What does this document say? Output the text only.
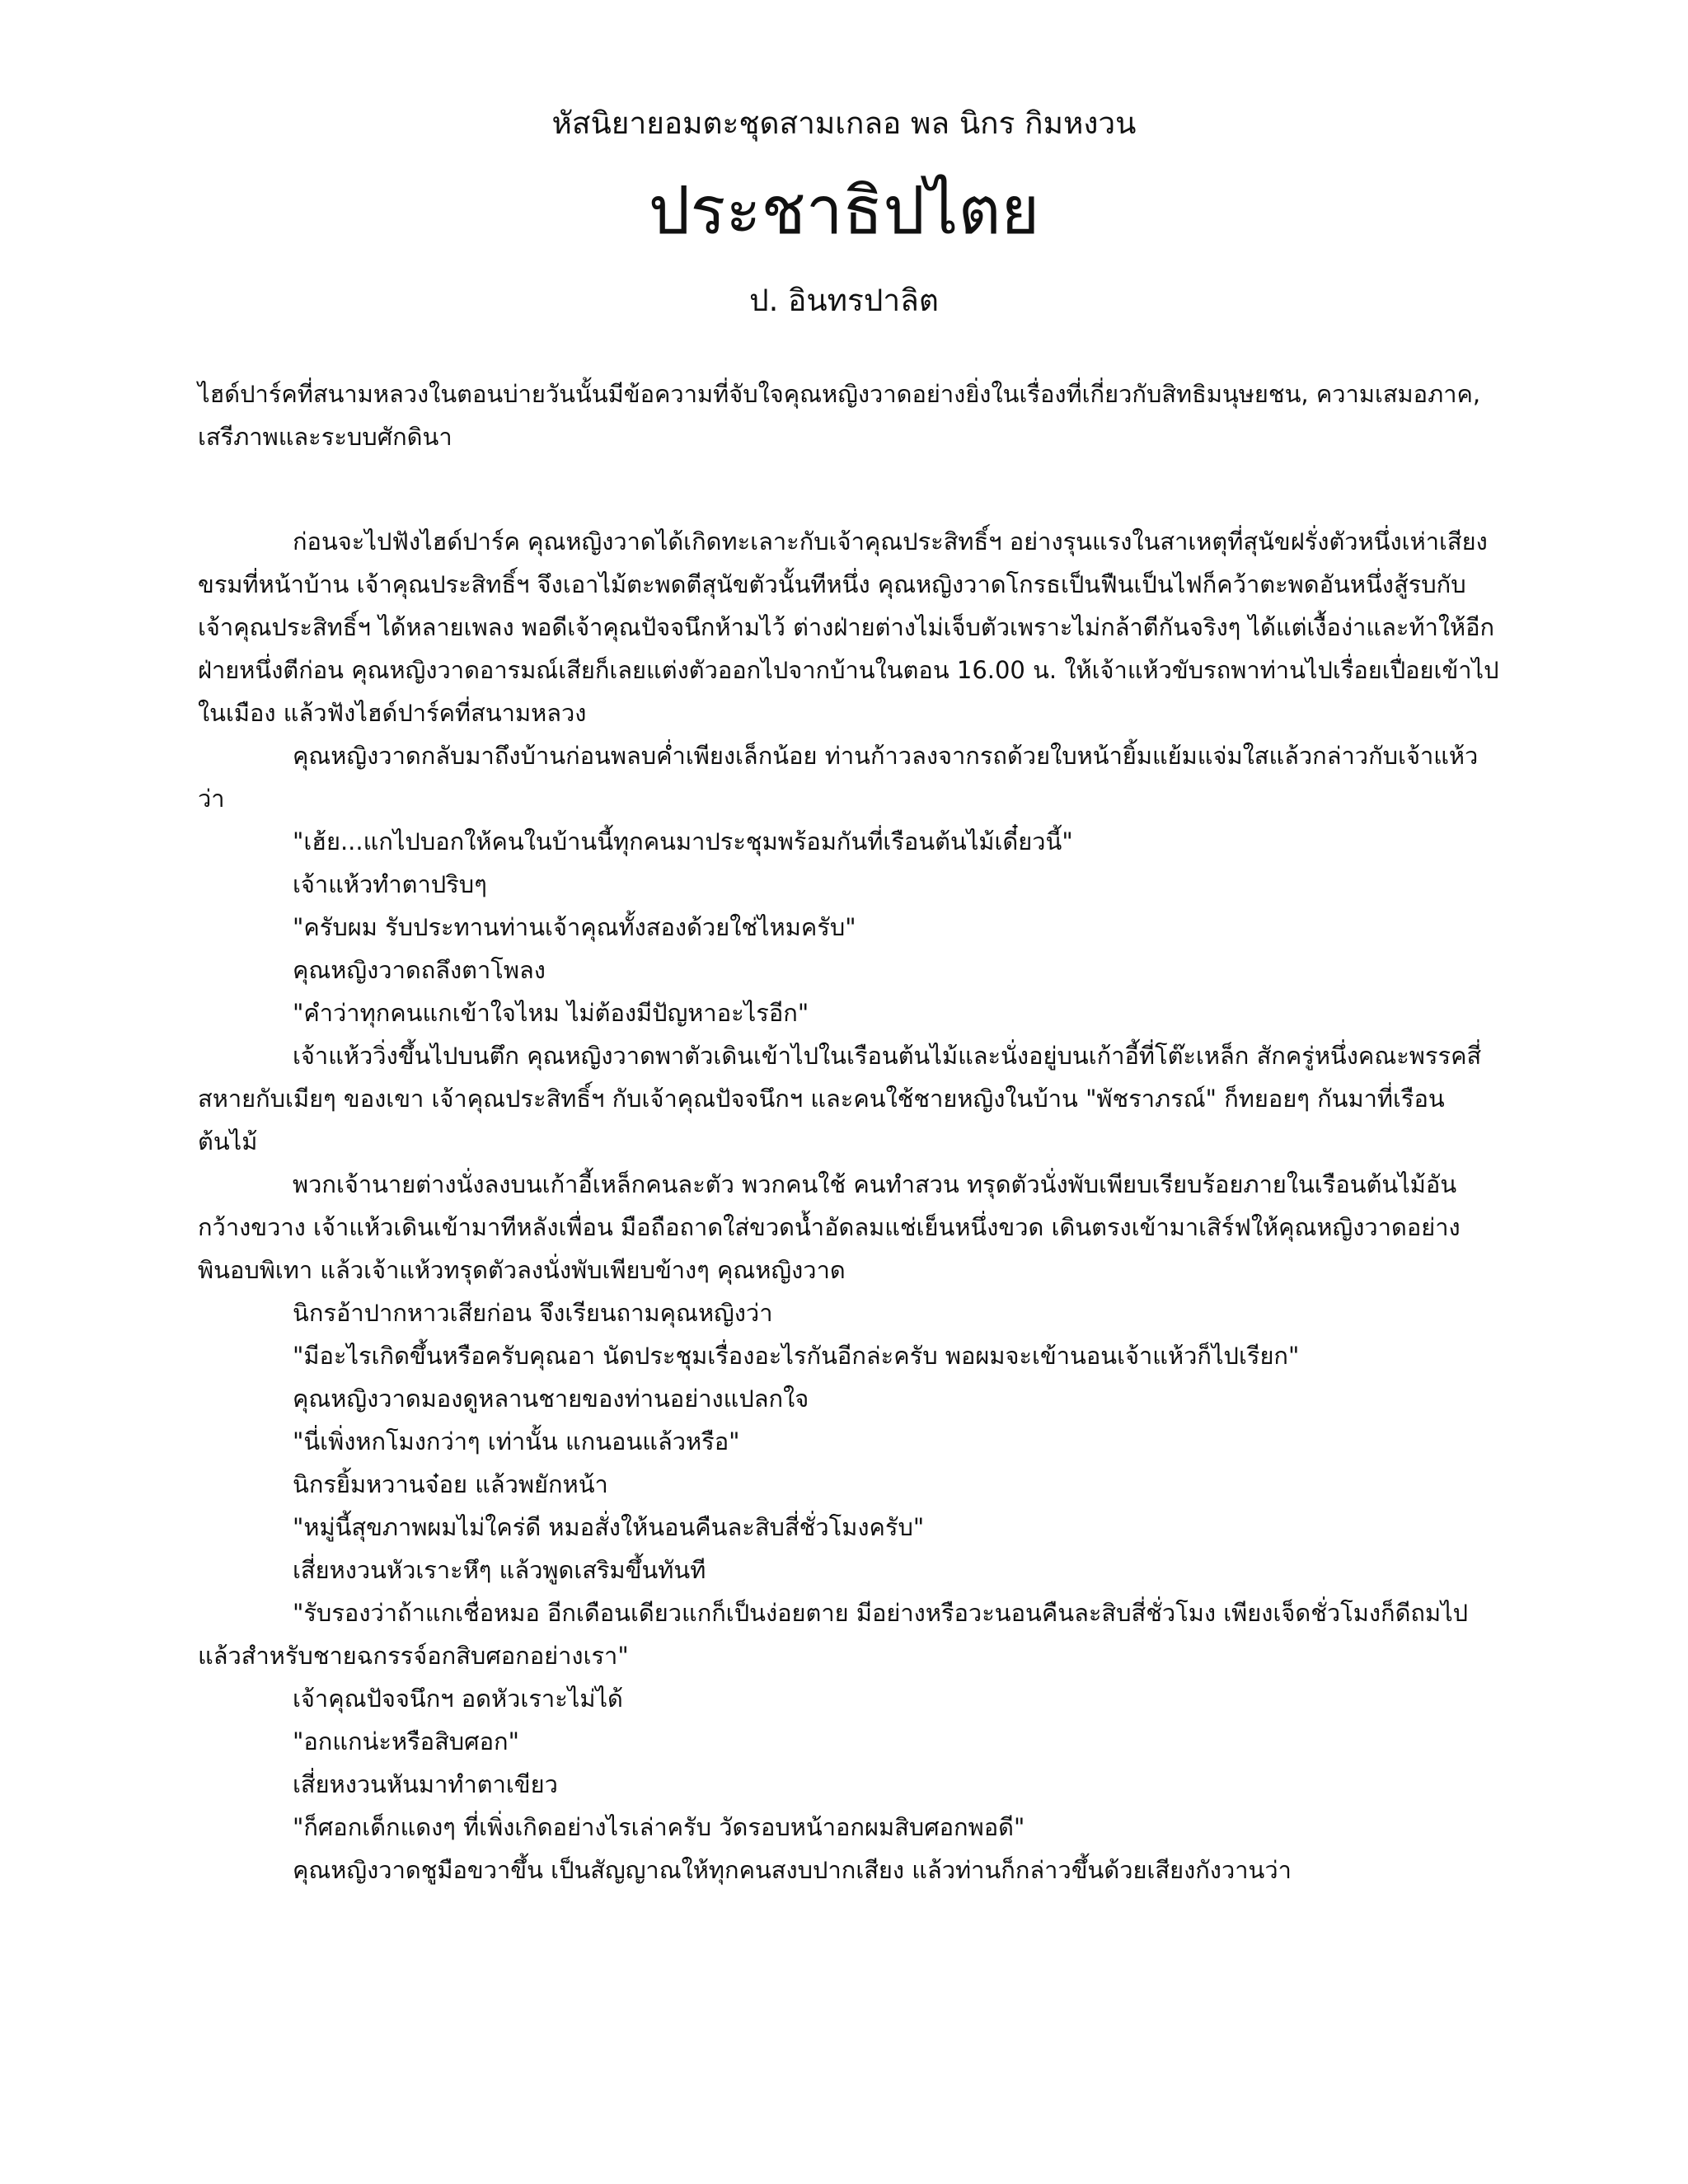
หัสนิยายอมตะชุดสามเกลอ พล นิกร กิมหงวน
ประชาธิปไตย
ป. อินทรปาลิต
ไฮด์ปาร์คที่สนามหลวงในตอนบ่ายวันนั้นมีข้อความที่จับใจคุณหญิงวาดอย่างยิ่งในเรื่องที่เกี่ยวกับสิทธิมนุษยชน, ความเสมอภาค, เสรีภาพและระบบศักดินา

ก่อนจะไปฟังไฮด์ปาร์ค คุณหญิงวาดได้เกิดทะเลาะกับเจ้าคุณประสิทธิ์ฯ อย่างรุนแรงในสาเหตุที่สุนัขฝรั่งตัวหนึ่งเห่าเสียงขรมที่หน้าบ้าน เจ้าคุณประสิทธิ์ฯ จึงเอาไม้ตะพดตีสุนัขตัวนั้นทีหนึ่ง คุณหญิงวาดโกรธเป็นฟืนเป็นไฟก็คว้าตะพดอันหนึ่งสู้รบกับเจ้าคุณประสิทธิ์ฯ ได้หลายเพลง พอดีเจ้าคุณปัจจนึกห้ามไว้ ต่างฝ่ายต่างไม่เจ็บตัวเพราะไม่กล้าตีกันจริงๆ ได้แต่เงื้อง่าและท้าให้อีกฝ่ายหนึ่งตีก่อน คุณหญิงวาดอารมณ์เสียก็เลยแต่งตัวออกไปจากบ้านในตอน 16.00 น. ให้เจ้าแห้วขับรถพาท่านไปเรื่อยเปื่อยเข้าไปในเมือง แล้วฟังไฮด์ปาร์คที่สนามหลวง

คุณหญิงวาดกลับมาถึงบ้านก่อนพลบค่ำเพียงเล็กน้อย ท่านก้าวลงจากรถด้วยใบหน้ายิ้มแย้มแจ่มใสแล้วกล่าวกับเจ้าแห้วว่า

"เฮ้ย...แกไปบอกให้คนในบ้านนี้ทุกคนมาประชุมพร้อมกันที่เรือนต้นไม้เดี๋ยวนี้"

เจ้าแห้วทำตาปริบๆ

"ครับผม รับประทานท่านเจ้าคุณทั้งสองด้วยใช่ไหมครับ"

คุณหญิงวาดถลึงตาโพลง

"คำว่าทุกคนแกเข้าใจไหม ไม่ต้องมีปัญหาอะไรอีก"

เจ้าแห้ววิ่งขึ้นไปบนตึก คุณหญิงวาดพาตัวเดินเข้าไปในเรือนต้นไม้และนั่งอยู่บนเก้าอี้ที่โต๊ะเหล็ก สักครู่หนึ่งคณะพรรคสี่สหายกับเมียๆ ของเขา เจ้าคุณประสิทธิ์ฯ กับเจ้าคุณปัจจนึกฯ และคนใช้ชายหญิงในบ้าน "พัชราภรณ์" ก็ทยอยๆ กันมาที่เรือนต้นไม้

พวกเจ้านายต่างนั่งลงบนเก้าอี้เหล็กคนละตัว พวกคนใช้ คนทำสวน ทรุดตัวนั่งพับเพียบเรียบร้อยภายในเรือนต้นไม้อันกว้างขวาง เจ้าแห้วเดินเข้ามาทีหลังเพื่อน มือถือถาดใส่ขวดน้ำอัดลมแช่เย็นหนึ่งขวด เดินตรงเข้ามาเสิร์ฟให้คุณหญิงวาดอย่างพินอบพิเทา แล้วเจ้าแห้วทรุดตัวลงนั่งพับเพียบข้างๆ คุณหญิงวาด

นิกรอ้าปากหาวเสียก่อน จึงเรียนถามคุณหญิงว่า

"มีอะไรเกิดขึ้นหรือครับคุณอา นัดประชุมเรื่องอะไรกันอีกล่ะครับ พอผมจะเข้านอนเจ้าแห้วก็ไปเรียก"

คุณหญิงวาดมองดูหลานชายของท่านอย่างแปลกใจ

"นี่เพิ่งหกโมงกว่าๆ เท่านั้น แกนอนแล้วหรือ"

นิกรยิ้มหวานจ๋อย แล้วพยักหน้า

"หมู่นี้สุขภาพผมไม่ใคร่ดี หมอสั่งให้นอนคืนละสิบสี่ชั่วโมงครับ"

เสี่ยหงวนหัวเราะหึๆ แล้วพูดเสริมขึ้นทันที

"รับรองว่าถ้าแกเชื่อหมอ อีกเดือนเดียวแกก็เป็นง่อยตาย มีอย่างหรือวะนอนคืนละสิบสี่ชั่วโมง เพียงเจ็ดชั่วโมงก็ดีถมไปแล้วสำหรับชายฉกรรจ์อกสิบศอกอย่างเรา"

เจ้าคุณปัจจนึกฯ อดหัวเราะไม่ได้

"อกแกน่ะหรือสิบศอก"

เสี่ยหงวนหันมาทำตาเขียว

"ก็ศอกเด็กแดงๆ ที่เพิ่งเกิดอย่างไรเล่าครับ วัดรอบหน้าอกผมสิบศอกพอดี"

คุณหญิงวาดชูมือขวาขึ้น เป็นสัญญาณให้ทุกคนสงบปากเสียง แล้วท่านก็กล่าวขึ้นด้วยเสียงกังวานว่า
